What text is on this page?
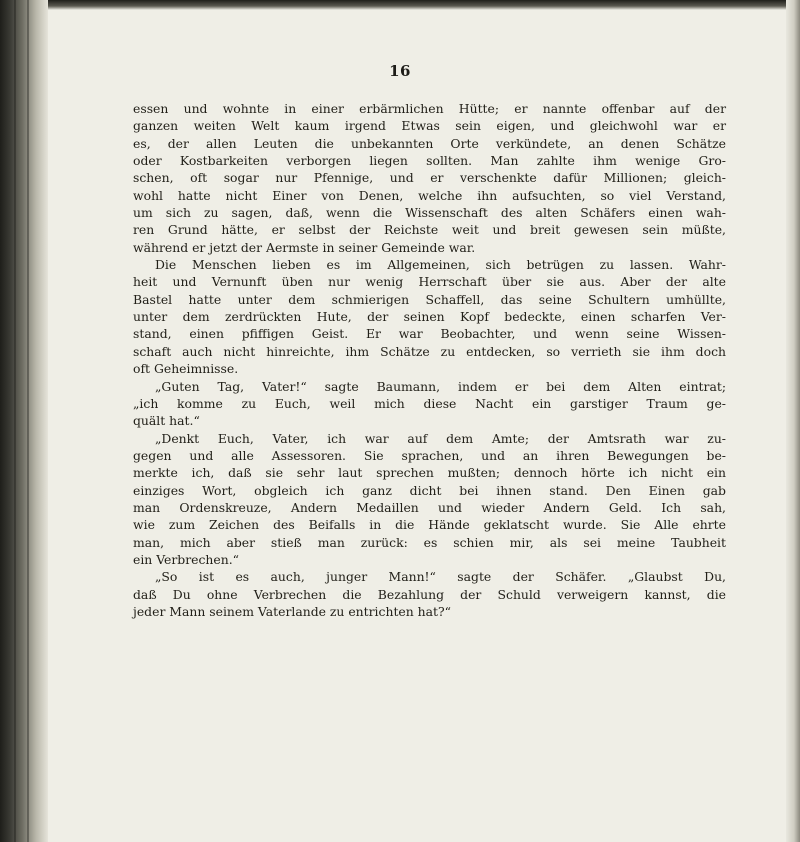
16

essen und wohnte in einer erbärmlichen Hütte; er nannte offenbar auf der

ganzen weiten Welt kaum irgend Etwas sein eigen, und gleichwohl war er

es, der allen Leuten die unbekannten Orte verkündete, an denen Schätze

oder Kostbarkeiten verborgen liegen sollten. Man zahlte ihm wenige Gro-

schen, oft sogar nur Pfennige, und er verschenkte dafür Millionen; gleich-

wohl hatte nicht Einer von Denen, welche ihn aufsuchten, so viel Verstand,

um sich zu sagen, daß, wenn die Wissenschaft des alten Schäfers einen wah-

ren Grund hätte, er selbst der Reichste weit und breit gewesen sein müßte,

während er jetzt der Aermste in seiner Gemeinde war.

Die Menschen lieben es im Allgemeinen, sich betrügen zu lassen. Wahr-

heit und Vernunft üben nur wenig Herrschaft über sie aus. Aber der alte

Bastel hatte unter dem schmierigen Schaffell, das seine Schultern umhüllte,

unter dem zerdrückten Hute, der seinen Kopf bedeckte, einen scharfen Ver-

stand, einen pfiffigen Geist. Er war Beobachter, und wenn seine Wissen-

schaft auch nicht hinreichte, ihm Schätze zu entdecken, so verrieth sie ihm doch

oft Geheimnisse.

„Guten Tag, Vater!“ sagte Baumann, indem er bei dem Alten eintrat;

„ich komme zu Euch, weil mich diese Nacht ein garstiger Traum ge-

quält hat.“

„Denkt Euch, Vater, ich war auf dem Amte; der Amtsrath war zu-

gegen und alle Assessoren. Sie sprachen, und an ihren Bewegungen be-

merkte ich, daß sie sehr laut sprechen mußten; dennoch hörte ich nicht ein

einziges Wort, obgleich ich ganz dicht bei ihnen stand. Den Einen gab

man Ordenskreuze, Andern Medaillen und wieder Andern Geld. Ich sah,

wie zum Zeichen des Beifalls in die Hände geklatscht wurde. Sie Alle ehrte

man, mich aber stieß man zurück: es schien mir, als sei meine Taubheit

ein Verbrechen.“

„So ist es auch, junger Mann!“ sagte der Schäfer. „Glaubst Du,

daß Du ohne Verbrechen die Bezahlung der Schuld verweigern kannst, die

jeder Mann seinem Vaterlande zu entrichten hat?“
